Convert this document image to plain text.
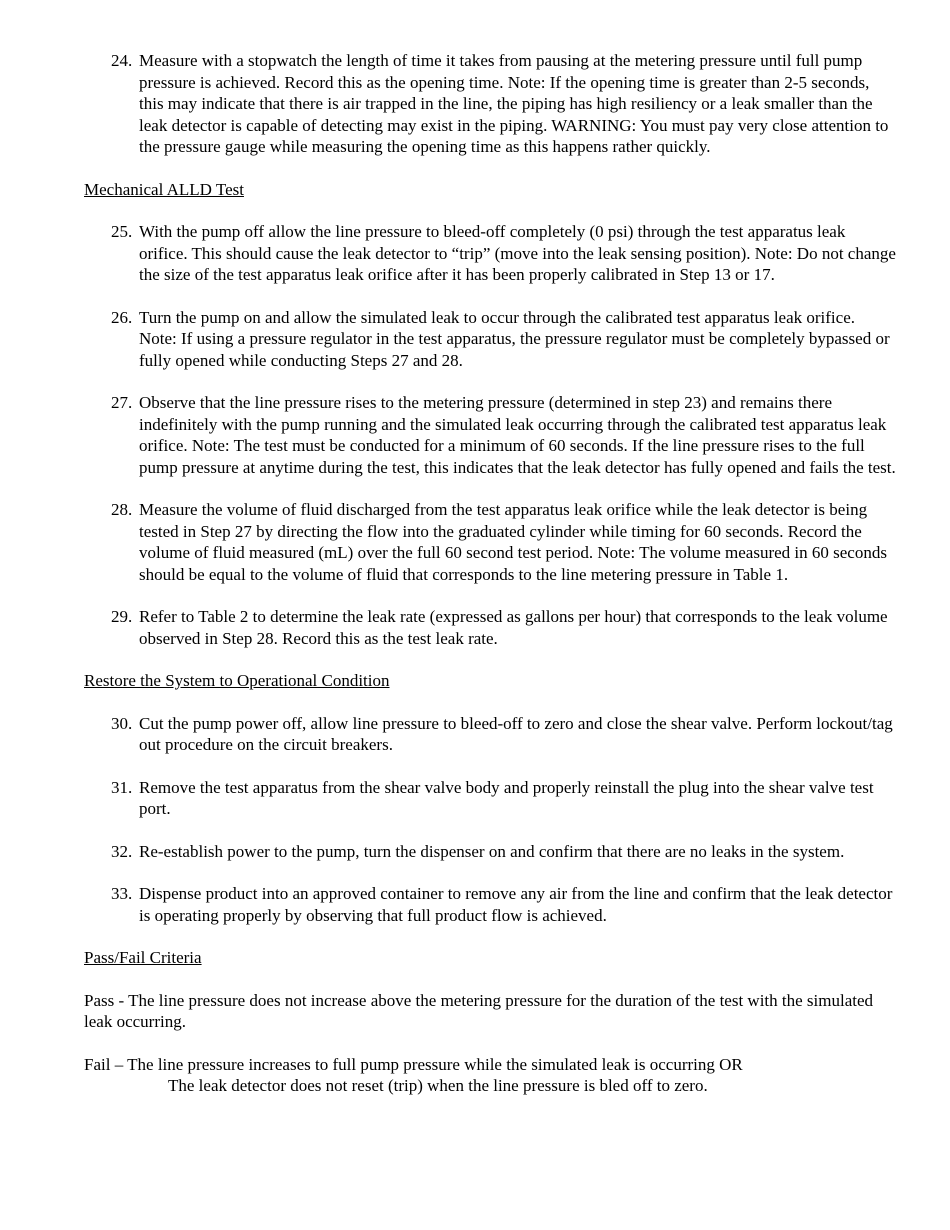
24. Measure with a stopwatch the length of time it takes from pausing at the metering pressure until full pump pressure is achieved. Record this as the opening time. Note: If the opening time is greater than 2-5 seconds, this may indicate that there is air trapped in the line, the piping has high resiliency or a leak smaller than the leak detector is capable of detecting may exist in the piping. WARNING: You must pay very close attention to the pressure gauge while measuring the opening time as this happens rather quickly.
Mechanical ALLD Test
25. With the pump off allow the line pressure to bleed-off completely (0 psi) through the test apparatus leak orifice. This should cause the leak detector to “trip” (move into the leak sensing position). Note: Do not change the size of the test apparatus leak orifice after it has been properly calibrated in Step 13 or 17.
26. Turn the pump on and allow the simulated leak to occur through the calibrated test apparatus leak orifice. Note: If using a pressure regulator in the test apparatus, the pressure regulator must be completely bypassed or fully opened while conducting Steps 27 and 28.
27. Observe that the line pressure rises to the metering pressure (determined in step 23) and remains there indefinitely with the pump running and the simulated leak occurring through the calibrated test apparatus leak orifice. Note: The test must be conducted for a minimum of 60 seconds. If the line pressure rises to the full pump pressure at anytime during the test, this indicates that the leak detector has fully opened and fails the test.
28. Measure the volume of fluid discharged from the test apparatus leak orifice while the leak detector is being tested in Step 27 by directing the flow into the graduated cylinder while timing for 60 seconds. Record the volume of fluid measured (mL) over the full 60 second test period. Note: The volume measured in 60 seconds should be equal to the volume of fluid that corresponds to the line metering pressure in Table 1.
29. Refer to Table 2 to determine the leak rate (expressed as gallons per hour) that corresponds to the leak volume observed in Step 28. Record this as the test leak rate.
Restore the System to Operational Condition
30. Cut the pump power off, allow line pressure to bleed-off to zero and close the shear valve. Perform lockout/tag out procedure on the circuit breakers.
31. Remove the test apparatus from the shear valve body and properly reinstall the plug into the shear valve test port.
32. Re-establish power to the pump, turn the dispenser on and confirm that there are no leaks in the system.
33. Dispense product into an approved container to remove any air from the line and confirm that the leak detector is operating properly by observing that full product flow is achieved.
Pass/Fail Criteria
Pass - The line pressure does not increase above the metering pressure for the duration of the test with the simulated leak occurring.
Fail – The line pressure increases to full pump pressure while the simulated leak is occurring OR
The leak detector does not reset (trip) when the line pressure is bled off to zero.
